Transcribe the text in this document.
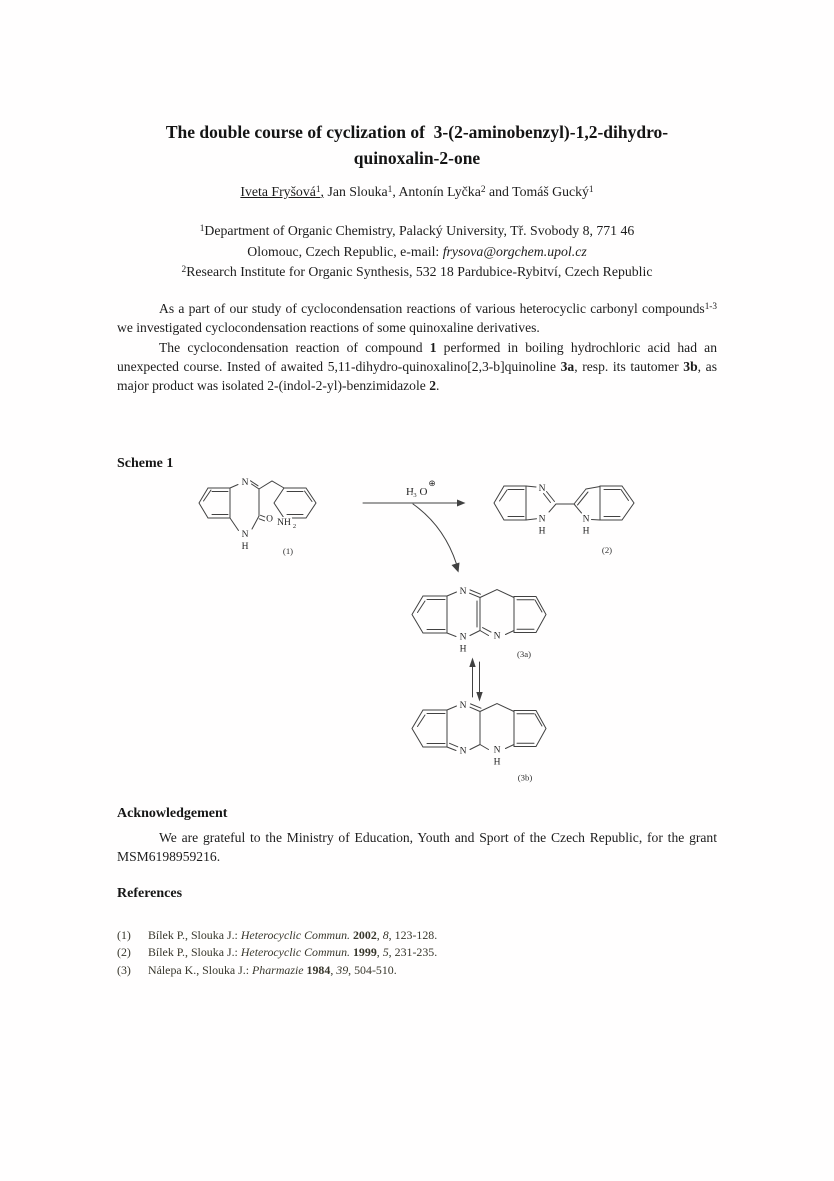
The double course of cyclization of  3-(2-aminobenzyl)-1,2-dihydro-
quinoxalin-2-one
Iveta Fryšová$^1$, Jan Slouka$^1$, Antonín Lyčka$^2$ and Tomáš Gucký$^1$
$^1$Department of Organic Chemistry, Palacký University, Tř. Svobody 8, 771 46
Olomouc, Czech Republic, e-mail: frysova@orgchem.upol.cz
$^2$Research Institute for Organic Synthesis, 532 18 Pardubice-Rybitví, Czech Republic

As a part of our study of cyclocondensation reactions of various heterocyclic carbonyl compounds$^{1-3}$ we investigated cyclocondensation reactions of some quinoxaline derivatives.

The cyclocondensation reaction of compound 1 performed in boiling hydrochloric acid had an unexpected course. Insted of awaited 5,11-dihydro-quinoxalino[2,3-b]quinoline 3a, resp. its tautomer 3b, as major product was isolated 2-(indol-2-yl)-benzimidazole 2.

Scheme 1
N
N
H
O NH 2
(1)
H 3 O
⊕	N
N
H
N
H
(2)
N
N
H
N
(3a)
N
N	N
H
(3b)
Acknowledgement

We are grateful to the Ministry of Education, Youth and Sport of the Czech Republic, for the grant MSM6198959216.

References
(1)	Bílek P., Slouka J.: Heterocyclic Commun. 2002, 8, 123-128.
(2)	Bílek P., Slouka J.: Heterocyclic Commun. 1999, 5, 231-235.
(3)	Nálepa K., Slouka J.: Pharmazie 1984, 39, 504-510.
